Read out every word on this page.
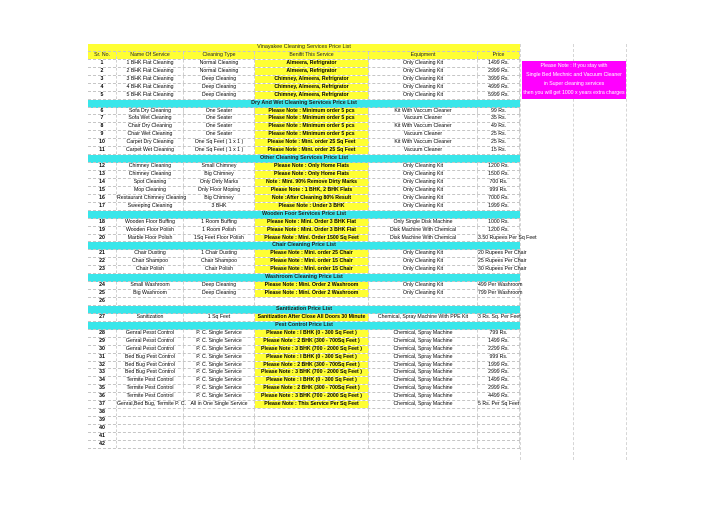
Vinayakee Cleaning Services Price List
Sr. No.	Name Of Service	Cleaning Type	Benifit This Service	Equipment	Price
1	1 BHK Flat Cleaning	Normal Cleaning	Almeera, Refrigrator	Only Cleaning Kit	1499 Rs.
2	2 BHK Flat Cleaning	Normal Cleaning	Almeera, Refrigrator	Only Cleaning Kit	2999 Rs.
3	3 BHK Flat Cleaning	Deep Cleaning	Chimney, Almeera, Refrigrator	Only Cleaning Kit	3999 Rs.
4	4 BHK Flat Cleaning	Deep Cleaning	Chimney, Almeera, Refrigrator	Only Cleaning Kit	4999 Rs.
5	5 BHK Flat Cleaning	Deep Cleaning	Chimney, Almeera, Refrigrator	Only Cleaning Kit	5999 Rs.
Dry And Wet Cleaning Services Price List
6	Sofa Dry Cleaning	One Seater	Please Note : Minimum order 5 pcs	Kit With Vaccum Cleaner	99 Rs.
7	Sofa Wet Cleaning	One Seater	Please Note : Minimum order 5 pcs	Vacuum Cleaner	35 Rs.
8	Chair Dry Cleaning	One Seater	Please Note : Minimum order 5 pcs	Kit With Vaccum Cleaner	49 Rs.
9	Chair Wet Cleaning	One Seater	Please Note : Minimum order 5 pcs	Vacuum Cleaner	25 Rs.
10	Carpet Dry Cleaning	One Sq Feet ( 1 x 1 )	Please Note : Mini. order 25 Sq Feet	Kit With Vaccum Cleaner	25 Rs.
11	Carpet Wet Cleaning	One Sq Feet ( 1 x 1 )	Please Note : Mini. order 25 Sq Feet	Vacuum Cleaner	15 Rs.
Other Cleaning Services Price List
12	Chimney Cleaning	Small Chimney	Please Note : Only Home Flats	Only Cleaning Kit	1200 Rs.
13	Chimney Cleaning	Big Chimney	Please Note : Only Home Flats	Only Cleaning Kit	1500 Rs.
14	Spot Cleaning	Only Dirty Marks	Note : Mini. 90% Remove Dirty Marks	Only Cleaning Kit	700 Rs.
15	Mop Cleaning	Only Floor Moping	Please Note : 1 BHK, 2 BHK Flats	Only Cleaning Kit	999 Rs.
16	Restaurant Chimney Cleaning	Big Chimney	Note :After Cleaning 80% Result	Only Cleaning Kit	7000 Rs.
17	Sweeping Cleaning	3 BHK	Please Note : Under 3 BHK	Only Cleaning Kit	1999 Rs.
Wooden Foor Services Price List
18	Wooden Floor Buffing	1 Room Buffing	Please Note : Mini. Order 3 BHK Flat	Only Single Disk Machine	1000 Rs.
19	Wooden Floor Polish	1 Room Polish	Please Note : Mini. Order 3 BHK Flat	Disk Machine With Chemical	1200 Rs.
20	Marble Floor Polish	1Sq Feet Floor Polish	Please Note : Mini. Order 1500 Sq Feet	Disk Machine With Chemical	3.50 Rupees Per Sq Feet
Chair Cleaning Price List
21	Chair Dusting	1 Chair Dusting	Please Note : Mini. order 25 Chair	Only Cleaning Kit	20 Rupees Per Chair
22	Chair Shampoo	Chair Shampoo	Please Note : Mini. order 15 Chair	Only Cleaning Kit	25 Rupees Per Chair
23	Chair Polish	Chair Polish	Please Note : Mini. order 15 Chair	Only Cleaning Kit	30 Rupees Per Chair
Washroom Cleaning Price List
24	Small Washroom	Deep Cleaning	Please Note : Mini. Order 2 Washroom	Only Cleaning Kit	499 Per Washroom
25	Big Washroom	Deep Cleaning	Please Note : Mini. Order 2 Washroom	Only Cleaning Kit	799 Per Washroom
26
Sanitization Price List
27	Sanitization	1 Sq Feet	Sanitization After Close All Doors 30 Minute	Chemical, Spray Machine With PPE Kit	3 Rs. Sq. Per Feet
Pest Control Price List
28	Genral Pesst Control	P. C. Single Service	Please Note : I BHK (0 - 300 Sq Feet )	Chemical, Spray Machine	799 Rs.
29	Genral Pesst Control	P. C. Single Service	Please Note : 2 BHK (300 - 700Sq Feet )	Chemical, Spray Machine	1499 Rs.
30	Genral Pesst Control	P. C. Single Service	Please Note : 3 BHK (700 - 2000 Sq Feet )	Chemical, Spray Machine	2299 Rs.
31	Bed Bug Pest Control	P. C. Single Service	Please Note : I BHK (0 - 300 Sq Feet )	Chemical, Spray Machine	999 Rs.
32	Bed Bug Pest Control	P. C. Single Service	Please Note : 2 BHK (300 - 700Sq Feet )	Chemical, Spray Machine	1999 Rs.
33	Bed Bug Pest Control	P. C. Single Service	Please Note : 3 BHK (700 - 2000 Sq Feet )	Chemical, Spray Machine	2999 Rs.
34	Termite Pest Control	P. C. Single Service	Please Note : I BHK (0 - 300 Sq Feet )	Chemical, Spray Machine	1499 Rs.
35	Termite Pest Control	P. C. Single Service	Please Note : 2 BHK (300 - 700Sq Feet )	Chemical, Spray Machine	2999 Rs.
36	Termite Pest Control	P. C. Single Service	Please Note : 3 BHK (700 - 2000 Sq Feet )	Chemical, Spray Machine	4499 Rs.
37	Genral,Bed Bug, Termite P. C. All in One Single Service	Please Note : This Service Per Sq Feet	Chemical, Spray Machine	5 Rs. Per Sq Feet
38
39
40
41
42
Please Note : If you stay with
Single Bed Mechnic and Vacuum Cleaner
in Super cleaning services
then you will get 1000 x years extra charges
